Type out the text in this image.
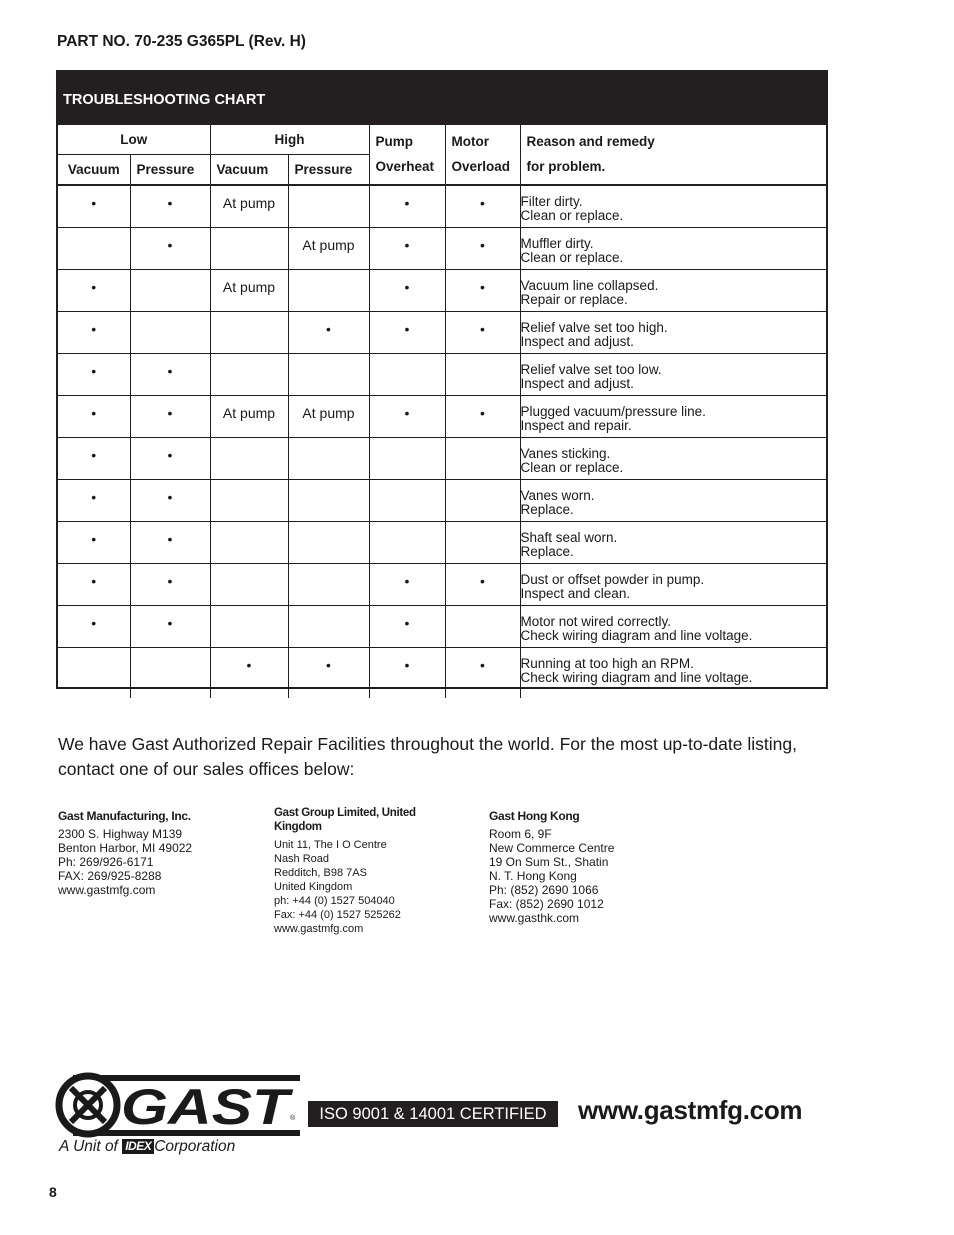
PART NO. 70-235 G365PL (Rev. H)
TROUBLESHOOTING CHART
Low		High		Pump	Motor	Reason and remedy
Vacuum	Pressure	Vacuum	Pressure	Overheat	Overload	for problem.
•	•	At pump		•	•	Filter dirty.
Clean or replace.

	•		At pump	•	•	Muffler dirty.
Clean or replace.

•		At pump		•	•	Vacuum line collapsed.
Repair or replace.

•			•	•	•	Relief valve set too high.
Inspect and adjust.

•	•					Relief valve set too low.
Inspect and adjust.

•	•	At pump	At pump	•	•	Plugged vacuum/pressure line.
Inspect and repair.

•	•					Vanes sticking.
Clean or replace.

•	•					Vanes worn.
Replace.

•	•					Shaft seal worn.
Replace.

•	•			•	•	Dust or offset powder in pump.
Inspect and clean.

•	•			•		Motor not wired correctly.
Check wiring diagram and line voltage.

		•	•	•	•	Running at too high an RPM.
Check wiring diagram and line voltage.
We have Gast Authorized Repair Facilities throughout the world. For the most up-to-date listing, contact one of our sales offices below:
Gast Manufacturing, Inc.
2300 S. Highway M139
Benton Harbor, MI 49022
Ph: 269/926-6171
FAX: 269/925-8288
www.gastmfg.com
Gast Group Limited, United Kingdom
Unit 11, The I O Centre
Nash Road
Redditch, B98 7AS
United Kingdom
ph: +44 (0) 1527 504040
Fax: +44 (0) 1527 525262
www.gastmfg.com
Gast Hong Kong
Room 6, 9F
New Commerce Centre
19 On Sum St., Shatin
N. T. Hong Kong
Ph: (852) 2690 1066
Fax: (852) 2690 1012
www.gasthk.com
GAST
®
A Unit of IDEX Corporation
ISO 9001 & 14001 CERTIFIED	www.gastmfg.com
8
